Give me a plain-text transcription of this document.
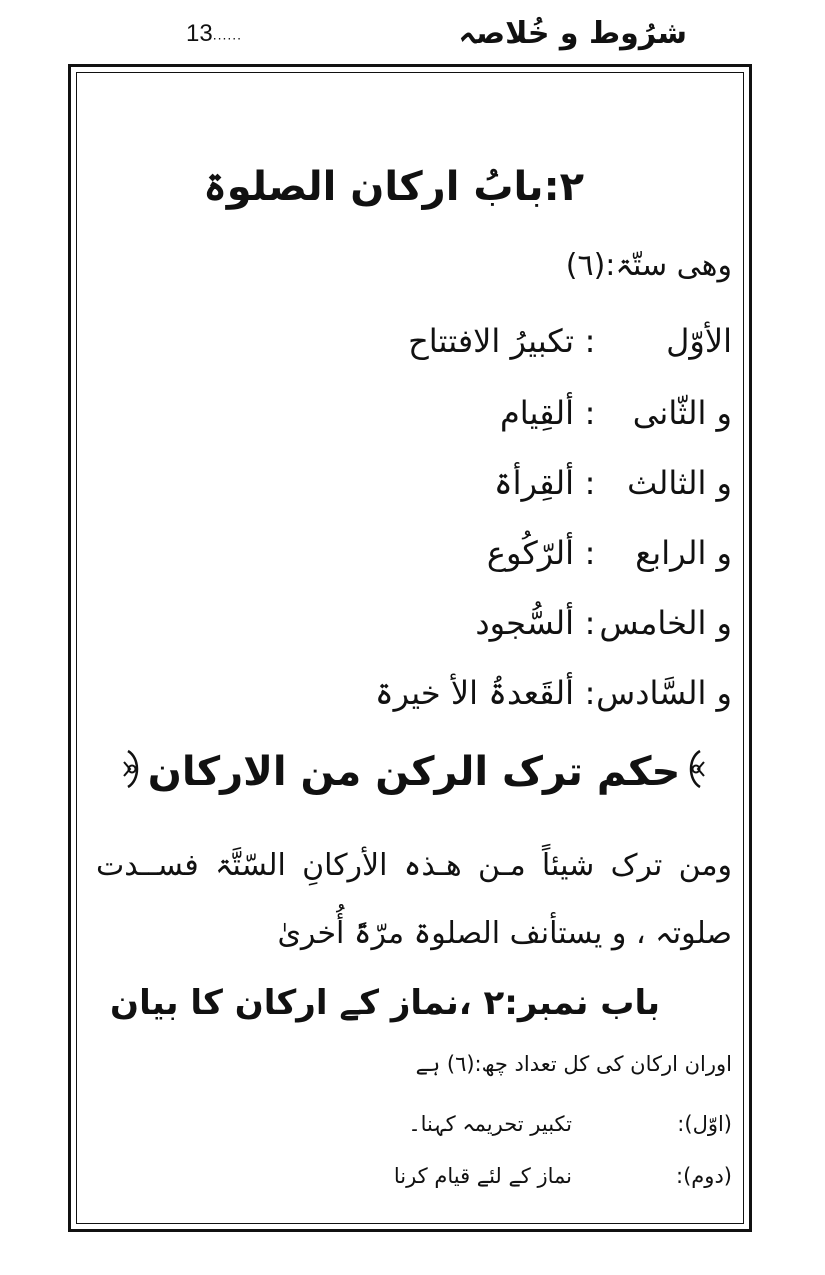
شرُوط و خُلاصہ
13......
۲:بابُ ارکان الصلوۃ
وھی ستّۃ:(٦)
الأوّل:تکبیرُ الافتتاح
و الثّانی:ألقِیام
و الثالث:ألقِرأۃ
و الرابع:ألرّکُوع
و الخامس:ألسُّجود
و السَّادس:ألقَعدۃُ الأ خیرۃ
حکم ترک الرکن من الارکان
ومن ترک شیئاً مـن ھـذہ الأرکانِ السّتَّۃ فســدت صلوتہ ، و یستأنف الصلوۃ مرّۃً أُخریٰ
باب نمبر:۲ ،نماز کے ارکان کا بیان
اوران ارکان کی کل تعداد چھ:(٦) ہے
(اوّل):تکبیر تحریمہ کہنا۔
(دوم):نماز کے لئے قیام کرنا
